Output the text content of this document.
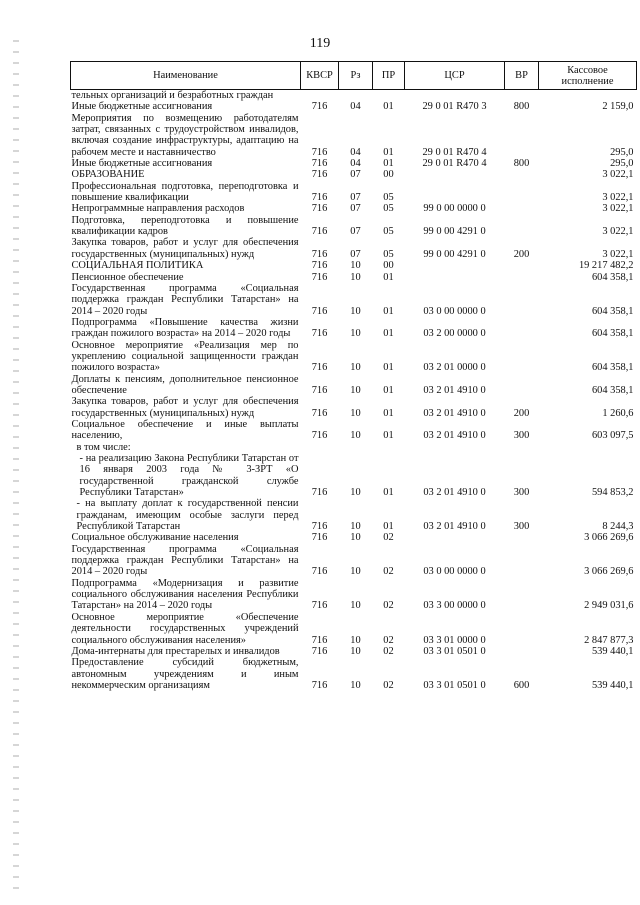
119
Наименование	КВСР	Рз	ПР	ЦСР	ВР	Кассовое исполнение
тельных организаций и безработных граждан						
Иные бюджетные ассигнования	716	04	01	29 0 01 R470 3	800	2 159,0
Мероприятия по возмещению работодателям затрат, связанных с трудоустройством инвалидов, включая создание инфраструктуры, адаптацию на рабочем месте и наставничество	716	04	01	29 0 01 R470 4		295,0
Иные бюджетные ассигнования	716	04	01	29 0 01 R470 4	800	295,0
ОБРАЗОВАНИЕ	716	07	00			3 022,1
Профессиональная подготовка, переподготовка и повышение квалификации	716	07	05			3 022,1
Непрограммные направления расходов	716	07	05	99 0 00 0000 0		3 022,1
Подготовка, переподготовка и повышение квалификации кадров	716	07	05	99 0 00 4291 0		3 022,1
Закупка товаров, работ и услуг для обеспечения государственных (муниципальных) нужд	716	07	05	99 0 00 4291 0	200	3 022,1
СОЦИАЛЬНАЯ ПОЛИТИКА	716	10	00			19 217 482,2
Пенсионное обеспечение	716	10	01			604 358,1
Государственная программа «Социальная поддержка граждан Республики Татарстан» на 2014 – 2020 годы	716	10	01	03 0 00 0000 0		604 358,1
Подпрограмма «Повышение качества жизни граждан пожилого возраста» на 2014 – 2020 годы	716	10	01	03 2 00 0000 0		604 358,1
Основное мероприятие «Реализация мер по укреплению социальной защищенности граждан пожилого возраста»	716	10	01	03 2 01 0000 0		604 358,1
Доплаты к пенсиям, дополнительное пенсионное обеспечение	716	10	01	03 2 01 4910 0		604 358,1
Закупка товаров, работ и услуг для обеспечения государственных (муниципальных) нужд	716	10	01	03 2 01 4910 0	200	1 260,6
Социальное обеспечение и иные выплаты населению,	716	10	01	03 2 01 4910 0	300	603 097,5
в том числе:						
- на реализацию Закона Республики Татарстан от 16 января 2003 года № 3-ЗРТ «О государственной гражданской службе Республики Татарстан»	716	10	01	03 2 01 4910 0	300	594 853,2
- на выплату доплат к государственной пенсии гражданам, имеющим особые заслуги перед Республикой Татарстан	716	10	01	03 2 01 4910 0	300	8 244,3
Социальное обслуживание населения	716	10	02			3 066 269,6
Государственная программа «Социальная поддержка граждан Республики Татарстан» на 2014 – 2020 годы	716	10	02	03 0 00 0000 0		3 066 269,6
Подпрограмма «Модернизация и развитие социального обслуживания населения Республики Татарстан» на 2014 – 2020 годы	716	10	02	03 3 00 0000 0		2 949 031,6
Основное мероприятие «Обеспечение деятельности государственных учреждений социального обслуживания населения»	716	10	02	03 3 01 0000 0		2 847 877,3
Дома-интернаты для престарелых и инвалидов	716	10	02	03 3 01 0501 0		539 440,1
Предоставление субсидий бюджетным, автономным учреждениям и иным некоммерческим организациям	716	10	02	03 3 01 0501 0	600	539 440,1
